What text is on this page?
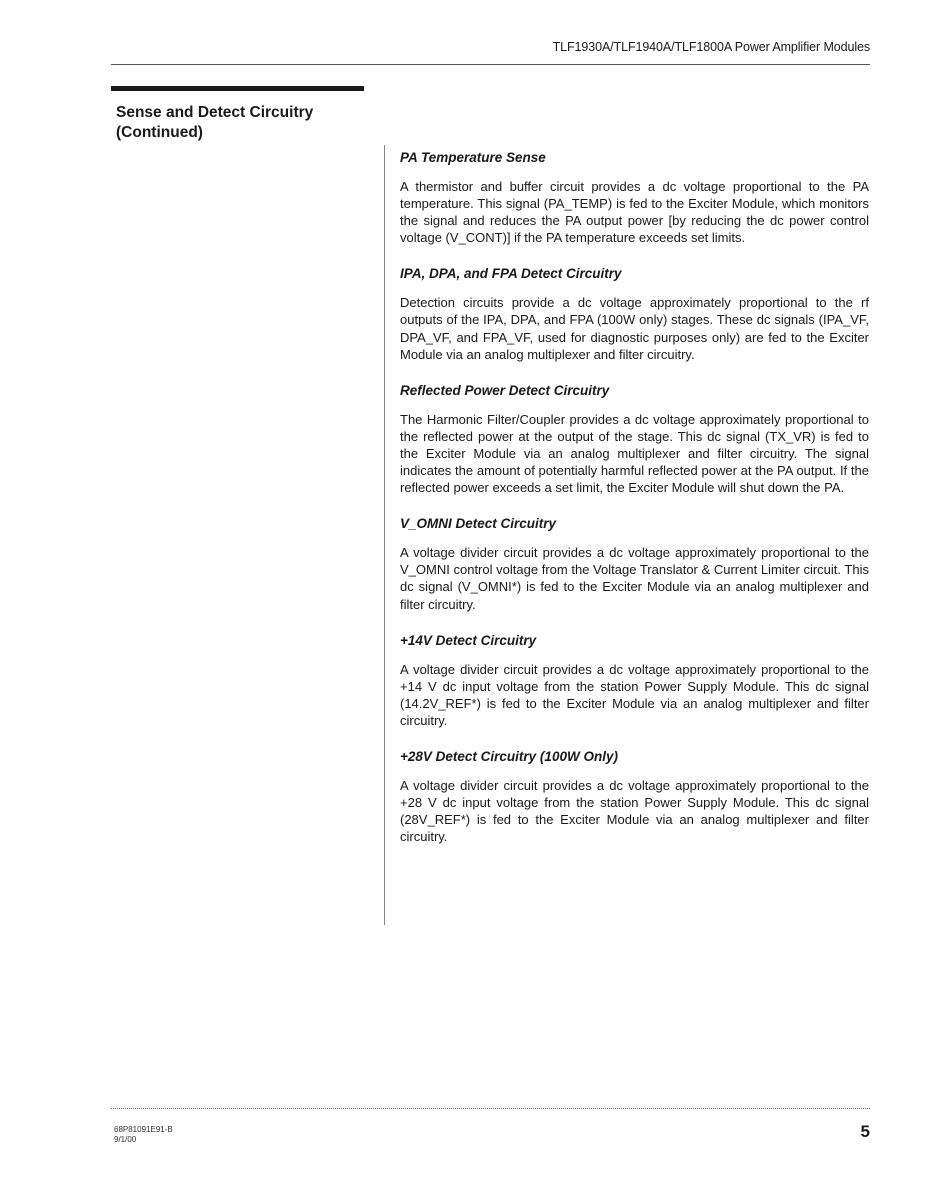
TLF1930A/TLF1940A/TLF1800A Power Amplifier Modules
Sense and Detect Circuitry
(Continued)
PA Temperature Sense
A thermistor and buffer circuit provides a dc voltage proportional to the PA temperature. This signal (PA_TEMP) is fed to the Exciter Module, which monitors the signal and reduces the PA output power [by reducing the dc power control voltage (V_CONT)] if the PA temperature exceeds set limits.
IPA, DPA, and FPA Detect Circuitry
Detection circuits provide a dc voltage approximately proportional to the rf outputs of the IPA, DPA, and FPA (100W only) stages. These dc signals (IPA_VF, DPA_VF, and FPA_VF, used for diagnostic purposes only) are fed to the Exciter Module via an analog multiplexer and filter circuitry.
Reflected Power Detect Circuitry
The Harmonic Filter/Coupler provides a dc voltage approximately proportional to the reflected power at the output of the stage. This dc signal (TX_VR) is fed to the Exciter Module via an analog multiplexer and filter circuitry. The signal indicates the amount of potentially harmful reflected power at the PA output. If the reflected power exceeds a set limit, the Exciter Module will shut down the PA.
V_OMNI Detect Circuitry
A voltage divider circuit provides a dc voltage approximately proportional to the V_OMNI control voltage from the Voltage Translator & Current Limiter circuit. This dc signal (V_OMNI*) is fed to the Exciter Module via an analog multiplexer and filter circuitry.
+14V Detect Circuitry
A voltage divider circuit provides a dc voltage approximately proportional to the +14 V dc input voltage from the station Power Supply Module. This dc signal (14.2V_REF*) is fed to the Exciter Module via an analog multiplexer and filter circuitry.
+28V Detect Circuitry (100W Only)
A voltage divider circuit provides a dc voltage approximately proportional to the +28 V dc input voltage from the station Power Supply Module. This dc signal (28V_REF*) is fed to the Exciter Module via an analog multiplexer and filter circuitry.
68P81091E91-B
9/1/00	5
